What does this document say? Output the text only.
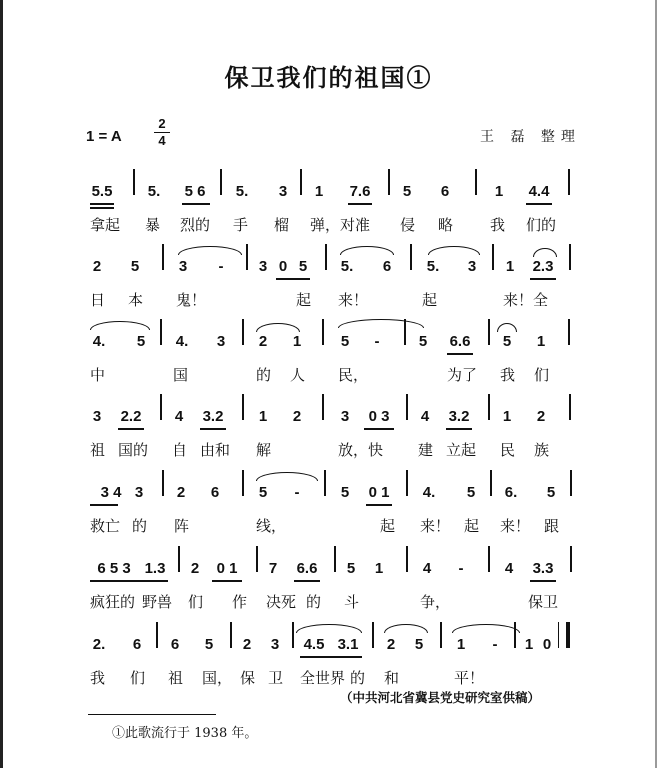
保卫我们的祖国①
1 = A
2
4	王 磊 整理
5.5 5.	5 6	5. 3 1 7.6 5 6	1 4.4
拿起 暴 烈的 手 榴 弹，对准 侵 略 我 们的
2 5	3	-	3 0 5 5. 6 5. 3 1 2.3
日 本 鬼！	起 来！	起	来！全
4. 5 4. 3 2 1	5	-	5 6.6 5 1
中	国	的 人 民，	为了 我 们
3 2.2 4 3.2 1 2	3	0 3	4 3.2 1 2
祖 国的 自 由和 解	放，快 建 立起 民 族
3 4 3 2 6	5	-	5 0 1 4. 5 6. 5
救亡 的 阵	线，	起 来！ 起 来！ 跟
6 5 3 1.3 2	0 1	7 6.6 5 1	4	-	4 3.3
疯狂的 野兽 们 作 决死 的 斗	争，	保卫
2. 6 6 5 2 3 4.5 3.1 2 5 1	-	1 0
我 们 祖 国， 保 卫 全世界 的 和	平！
（中共河北省冀县党史研究室供稿）
①此歌流行于 1938 年。
